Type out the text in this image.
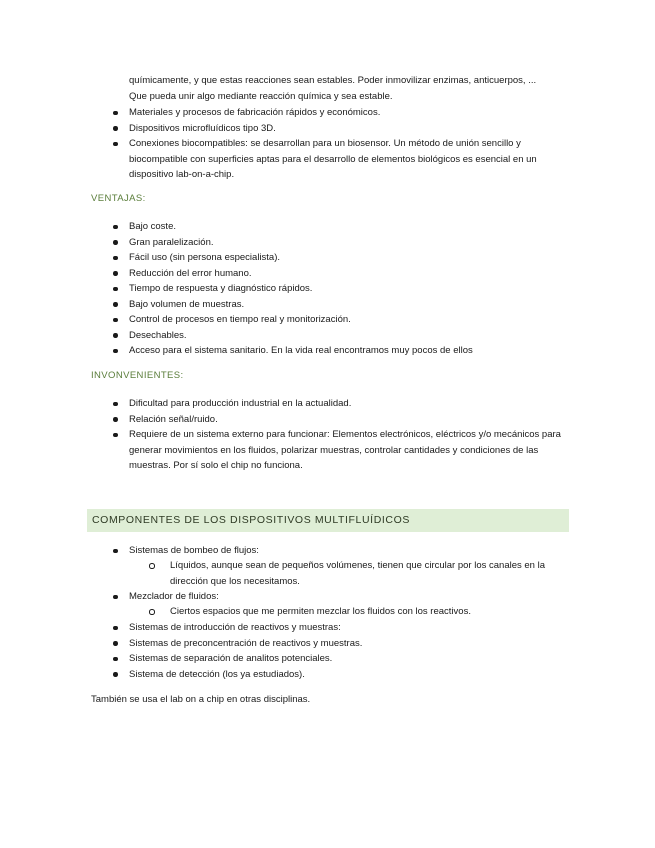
químicamente, y que estas reacciones sean estables. Poder inmovilizar enzimas, anticuerpos, ...
Que pueda unir algo mediante reacción química y sea estable.
Materiales y procesos de fabricación rápidos y económicos.
Dispositivos microfluídicos tipo 3D.
Conexiones biocompatibles: se desarrollan para un biosensor. Un método de unión sencillo y biocompatible con superficies aptas para el desarrollo de elementos biológicos es esencial en un dispositivo lab-on-a-chip.
VENTAJAS:
Bajo coste.
Gran paralelización.
Fácil uso (sin persona especialista).
Reducción del error humano.
Tiempo de respuesta y diagnóstico rápidos.
Bajo volumen de muestras.
Control de procesos en tiempo real y monitorización.
Desechables.
Acceso para el sistema sanitario. En la vida real encontramos muy pocos de ellos
INVONVENIENTES:
Dificultad para producción industrial en la actualidad.
Relación señal/ruido.
Requiere de un sistema externo para funcionar: Elementos electrónicos, eléctricos y/o mecánicos para generar movimientos en los fluidos, polarizar muestras, controlar cantidades y condiciones de las muestras. Por sí solo el chip no funciona.
COMPONENTES DE LOS DISPOSITIVOS MULTIFLUÍDICOS
Sistemas de bombeo de flujos:
Líquidos, aunque sean de pequeños volúmenes, tienen que circular por los canales en la dirección que los necesitamos.
Mezclador de fluidos:
Ciertos espacios que me permiten mezclar los fluidos con los reactivos.
Sistemas de introducción de reactivos y muestras:
Sistemas de preconcentración de reactivos y muestras.
Sistemas de separación de analitos potenciales.
Sistema de detección (los ya estudiados).
También se usa el lab on a chip en otras disciplinas.
